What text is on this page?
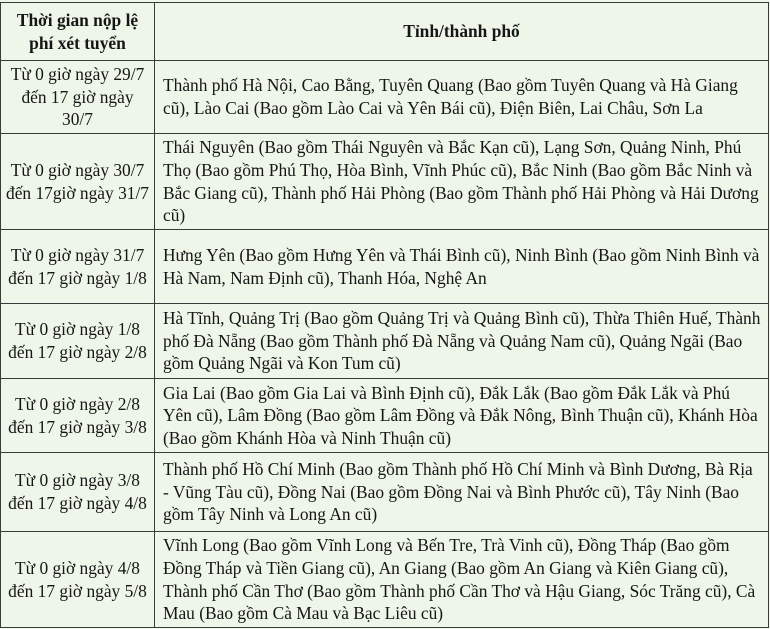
Thời gian nộp lệ phí xét tuyển	Tỉnh/thành phố
Từ 0 giờ ngày 29/7 đến 17 giờ ngày 30/7	Thành phố Hà Nội, Cao Bằng, Tuyên Quang (Bao gồm Tuyên Quang và Hà Giang cũ), Lào Cai (Bao gồm Lào Cai và Yên Bái cũ), Điện Biên, Lai Châu, Sơn La
Từ 0 giờ ngày 30/7 đến 17giờ ngày 31/7	Thái Nguyên (Bao gồm Thái Nguyên và Bắc Kạn cũ), Lạng Sơn, Quảng Ninh, Phú Thọ (Bao gồm Phú Thọ, Hòa Bình, Vĩnh Phúc cũ), Bắc Ninh (Bao gồm Bắc Ninh và Bắc Giang cũ), Thành phố Hải Phòng (Bao gồm Thành phố Hải Phòng và Hải Dương cũ)
Từ 0 giờ ngày 31/7 đến 17 giờ ngày 1/8	Hưng Yên (Bao gồm Hưng Yên và Thái Bình cũ), Ninh Bình (Bao gồm Ninh Bình và Hà Nam, Nam Định cũ), Thanh Hóa, Nghệ An
Từ 0 giờ ngày 1/8 đến 17 giờ ngày 2/8	Hà Tĩnh, Quảng Trị (Bao gồm Quảng Trị và Quảng Bình cũ), Thừa Thiên Huế, Thành phố Đà Nẵng (Bao gồm Thành phố Đà Nẵng và Quảng Nam cũ), Quảng Ngãi (Bao gồm Quảng Ngãi và Kon Tum cũ)
Từ 0 giờ ngày 2/8 đến 17 giờ ngày 3/8	Gia Lai (Bao gồm Gia Lai và Bình Định cũ), Đắk Lắk (Bao gồm Đắk Lắk và Phú Yên cũ), Lâm Đồng (Bao gồm Lâm Đồng và Đắk Nông, Bình Thuận cũ), Khánh Hòa (Bao gồm Khánh Hòa và Ninh Thuận cũ)
Từ 0 giờ ngày 3/8 đến 17 giờ ngày 4/8	Thành phố Hồ Chí Minh (Bao gồm Thành phố Hồ Chí Minh và Bình Dương, Bà Rịa - Vũng Tàu cũ), Đồng Nai (Bao gồm Đồng Nai và Bình Phước cũ), Tây Ninh (Bao gồm Tây Ninh và Long An cũ)
Từ 0 giờ ngày 4/8 đến 17 giờ ngày 5/8	Vĩnh Long (Bao gồm Vĩnh Long và Bến Tre, Trà Vinh cũ), Đồng Tháp (Bao gồm Đồng Tháp và Tiền Giang cũ), An Giang (Bao gồm An Giang và Kiên Giang cũ), Thành phố Cần Thơ (Bao gồm Thành phố Cần Thơ và Hậu Giang, Sóc Trăng cũ), Cà Mau (Bao gồm Cà Mau và Bạc Liêu cũ)
